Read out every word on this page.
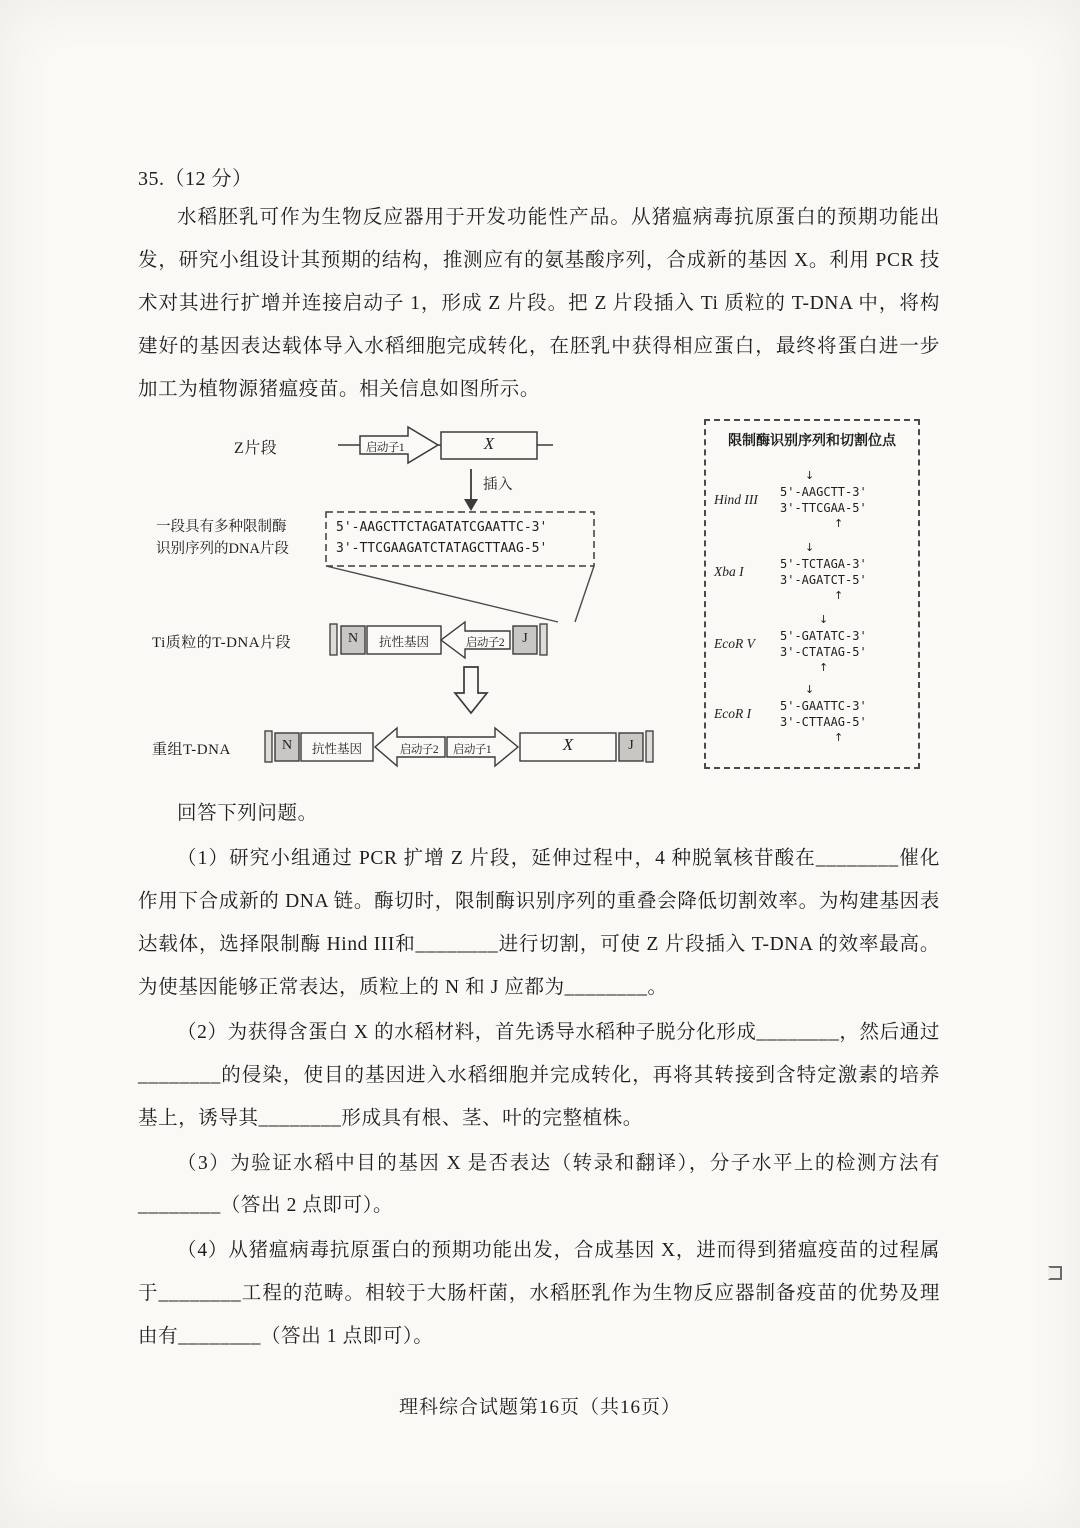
35.（12 分）

水稻胚乳可作为生物反应器用于开发功能性产品。从猪瘟病毒抗原蛋白的预期功能出发，研究小组设计其预期的结构，推测应有的氨基酸序列，合成新的基因 X。利用 PCR 技术对其进行扩增并连接启动子 1，形成 Z 片段。把 Z 片段插入 Ti 质粒的 T-DNA 中，将构建好的基因表达载体导入水稻细胞完成转化，在胚乳中获得相应蛋白，最终将蛋白进一步加工为植物源猪瘟疫苗。相关信息如图所示。

Z片段	启动子1	X
插入
一段具有多种限制酶
识别序列的DNA片段
5'-AAGCTTCTAGATATCGAATTC-3'
3'-TTCGAAGATCTATAGCTTAAG-5'
Ti质粒的T-DNA片段	N	抗性基因	启动子2	J
重组T-DNA	N	抗性基因	启动子2	启动子1	X	J
限制酶识别序列和切割位点
Hind III
↓
5'-AAGCTT-3'
3'-TTCGAA-5'
↑
Xba I
↓
5'-TCTAGA-3'
3'-AGATCT-5'
↑
EcoR V
↓
5'-GATATC-3'
3'-CTATAG-5'
↑
EcoR I
↓
5'-GAATTC-3'
3'-CTTAAG-5'
↑

回答下列问题。

（1）研究小组通过 PCR 扩增 Z 片段，延伸过程中，4 种脱氧核苷酸在________催化作用下合成新的 DNA 链。酶切时，限制酶识别序列的重叠会降低切割效率。为构建基因表达载体，选择限制酶 Hind III和________进行切割，可使 Z 片段插入 T-DNA 的效率最高。为使基因能够正常表达，质粒上的 N 和 J 应都为________。

（2）为获得含蛋白 X 的水稻材料，首先诱导水稻种子脱分化形成________，然后通过________的侵染，使目的基因进入水稻细胞并完成转化，再将其转接到含特定激素的培养基上，诱导其________形成具有根、茎、叶的完整植株。

（3）为验证水稻中目的基因 X 是否表达（转录和翻译），分子水平上的检测方法有________（答出 2 点即可）。

（4）从猪瘟病毒抗原蛋白的预期功能出发，合成基因 X，进而得到猪瘟疫苗的过程属于________工程的范畴。相较于大肠杆菌，水稻胚乳作为生物反应器制备疫苗的优势及理由有________（答出 1 点即可）。

理科综合试题第16页（共16页）
